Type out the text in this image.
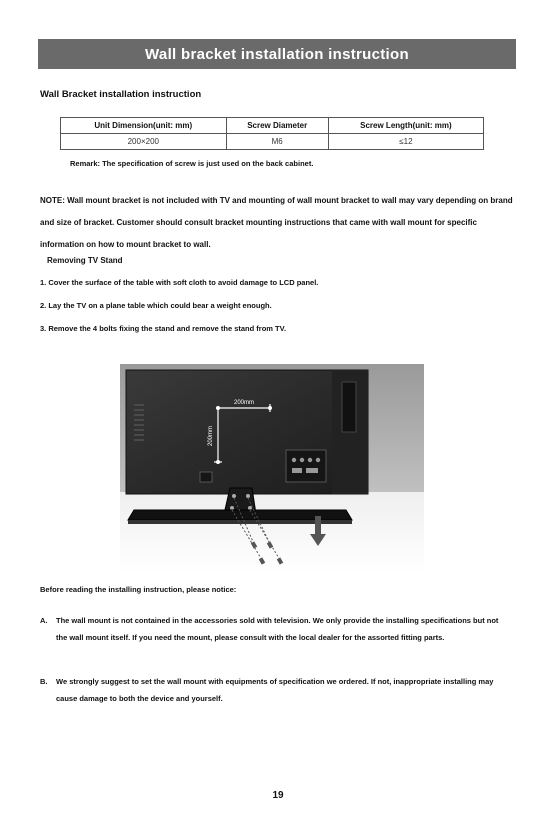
Wall bracket installation instruction
Wall Bracket installation instruction
Unit Dimension(unit: mm)	Screw Diameter	Screw Length(unit: mm)
200×200	M6	≤12
Remark: The specification of screw is just used on the back cabinet.
NOTE: Wall mount bracket is not included with TV and mounting of wall mount bracket to wall may vary depending on brand and size of bracket. Customer should consult bracket mounting instructions that came with wall mount for specific information on how to mount bracket to wall.
Removing TV Stand
1. Cover the surface of the table with soft cloth to avoid damage to LCD panel.
2. Lay the TV on a plane table which could bear a weight enough.
3. Remove the 4 bolts fixing the stand and remove the stand from TV.
200mm
200mm
Before reading the installing instruction, please notice:
A. The wall mount is not contained in the accessories sold with television. We only provide the installing specifications but not the wall mount itself. If you need the mount, please consult with the local dealer for the assorted fitting parts.
B. We strongly suggest to set the wall mount with equipments of specification we ordered. If not, inappropriate installing may cause damage to both the device and yourself.
19
